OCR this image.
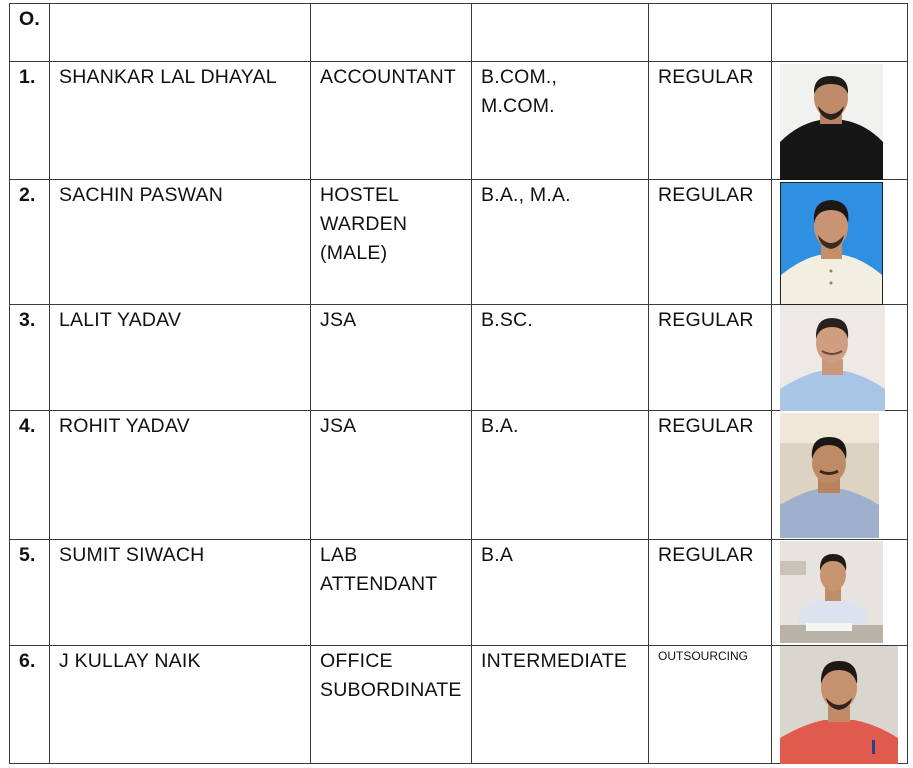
O.					

1.	SHANKAR LAL DHAYAL	ACCOUNTANT	B.COM.,
M.COM.	REGULAR

2.	SACHIN PASWAN	HOSTEL
WARDEN
(MALE)	B.A., M.A.	REGULAR

3.	LALIT YADAV	JSA	B.SC.	REGULAR

4.	ROHIT YADAV	JSA	B.A.	REGULAR

5.	SUMIT SIWACH	LAB
ATTENDANT	B.A	REGULAR

6.	J KULLAY NAIK	OFFICE
SUBORDINATE	INTERMEDIATE	OUTSOURCING
